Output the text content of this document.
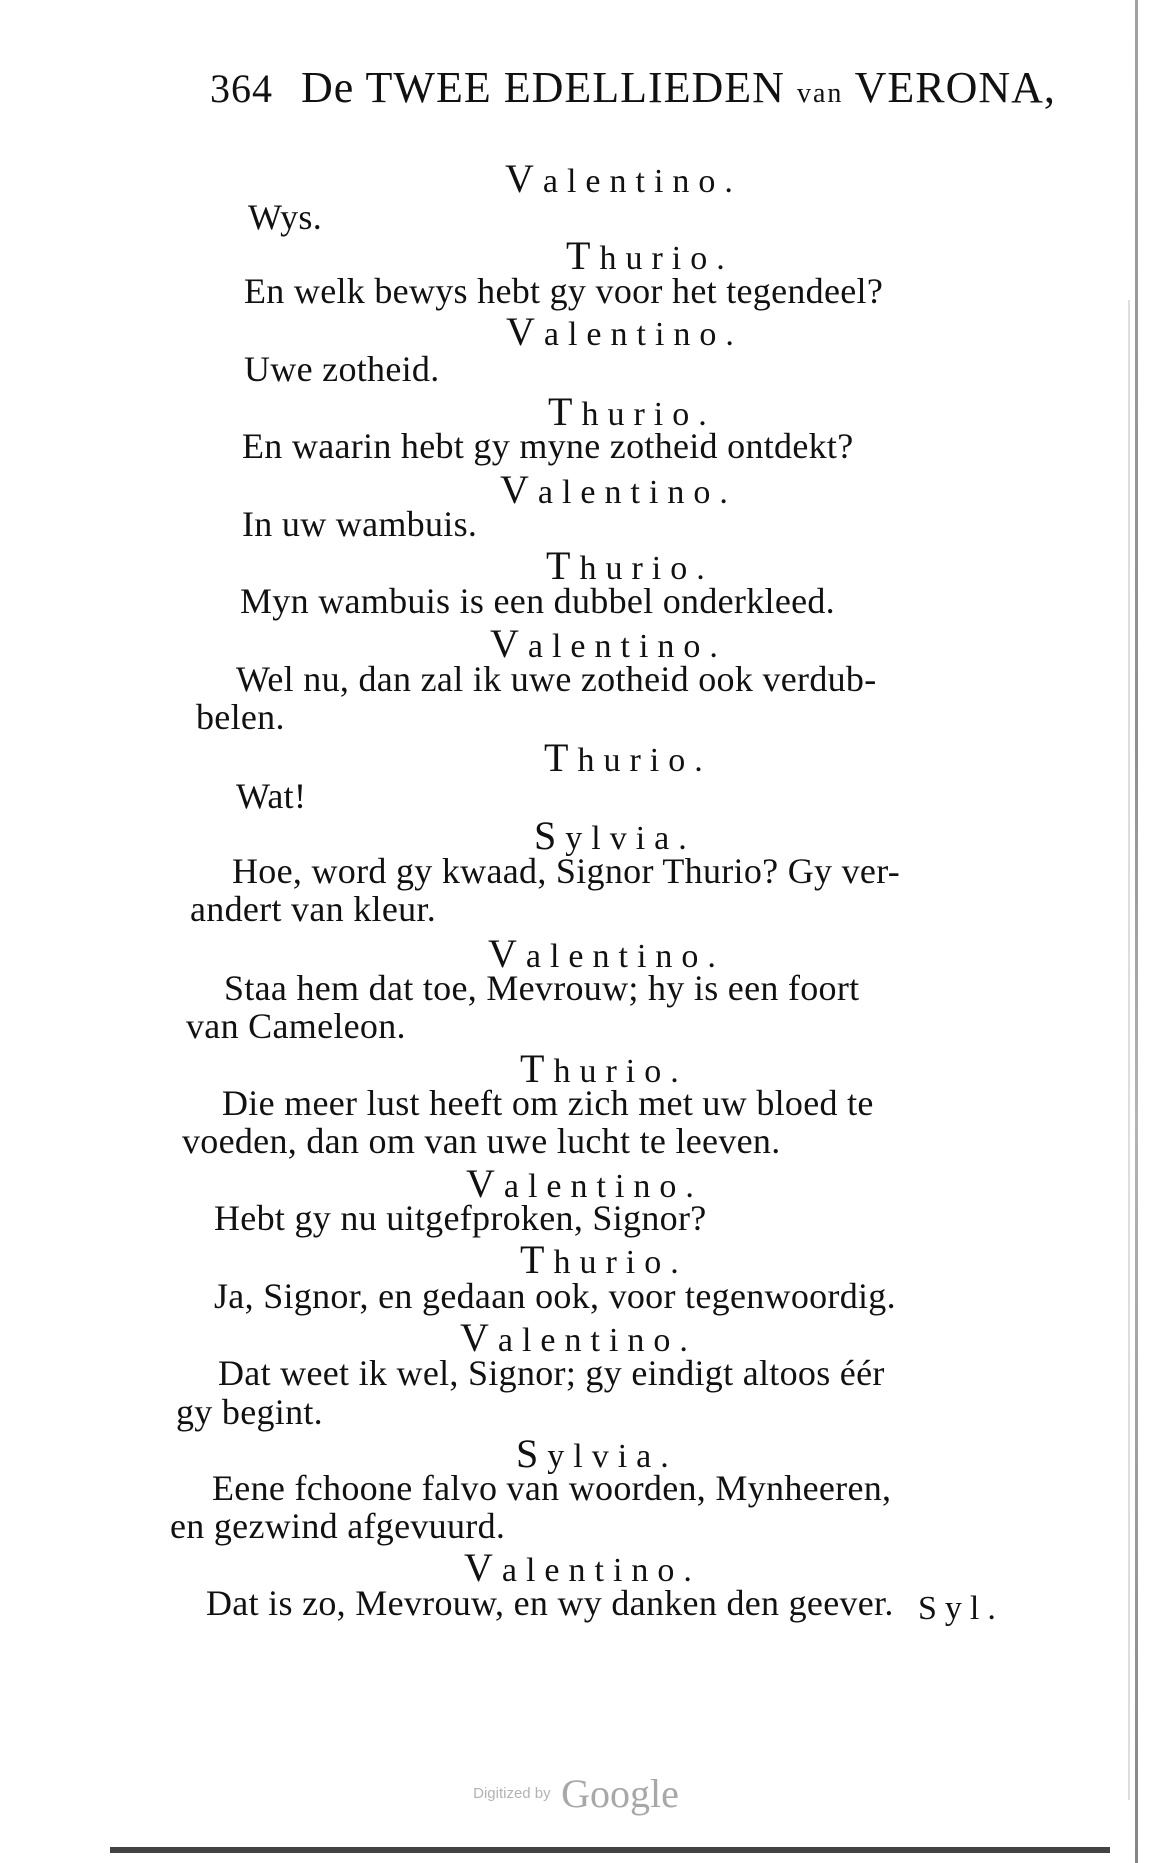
364 De TWEE EDELLIEDEN van VERONA,
Valentino.
Wys.
Thurio.
En welk bewys hebt gy voor het tegendeel?
Valentino.
Uwe zotheid.
Thurio.
En waarin hebt gy myne zotheid ontdekt?
Valentino.
In uw wambuis.
Thurio.
Myn wambuis is een dubbel onderkleed.
Valentino.
Wel nu, dan zal ik uwe zotheid ook verdub-
belen.
Thurio.
Wat!
Sylvia.
Hoe, word gy kwaad, Signor Thurio? Gy ver-
andert van kleur.
Valentino.
Staa hem dat toe, Mevrouw; hy is een foort
van Cameleon.
Thurio.
Die meer lust heeft om zich met uw bloed te
voeden, dan om van uwe lucht te leeven.
Valentino.
Hebt gy nu uitgefproken, Signor?
Thurio.
Ja, Signor, en gedaan ook, voor tegenwoordig.
Valentino.
Dat weet ik wel, Signor; gy eindigt altoos éér
gy begint.
Sylvia.
Eene fchoone falvo van woorden, Mynheeren,
en gezwind afgevuurd.
Valentino.
Dat is zo, Mevrouw, en wy danken den geever. Syl.
Digitized by Google
